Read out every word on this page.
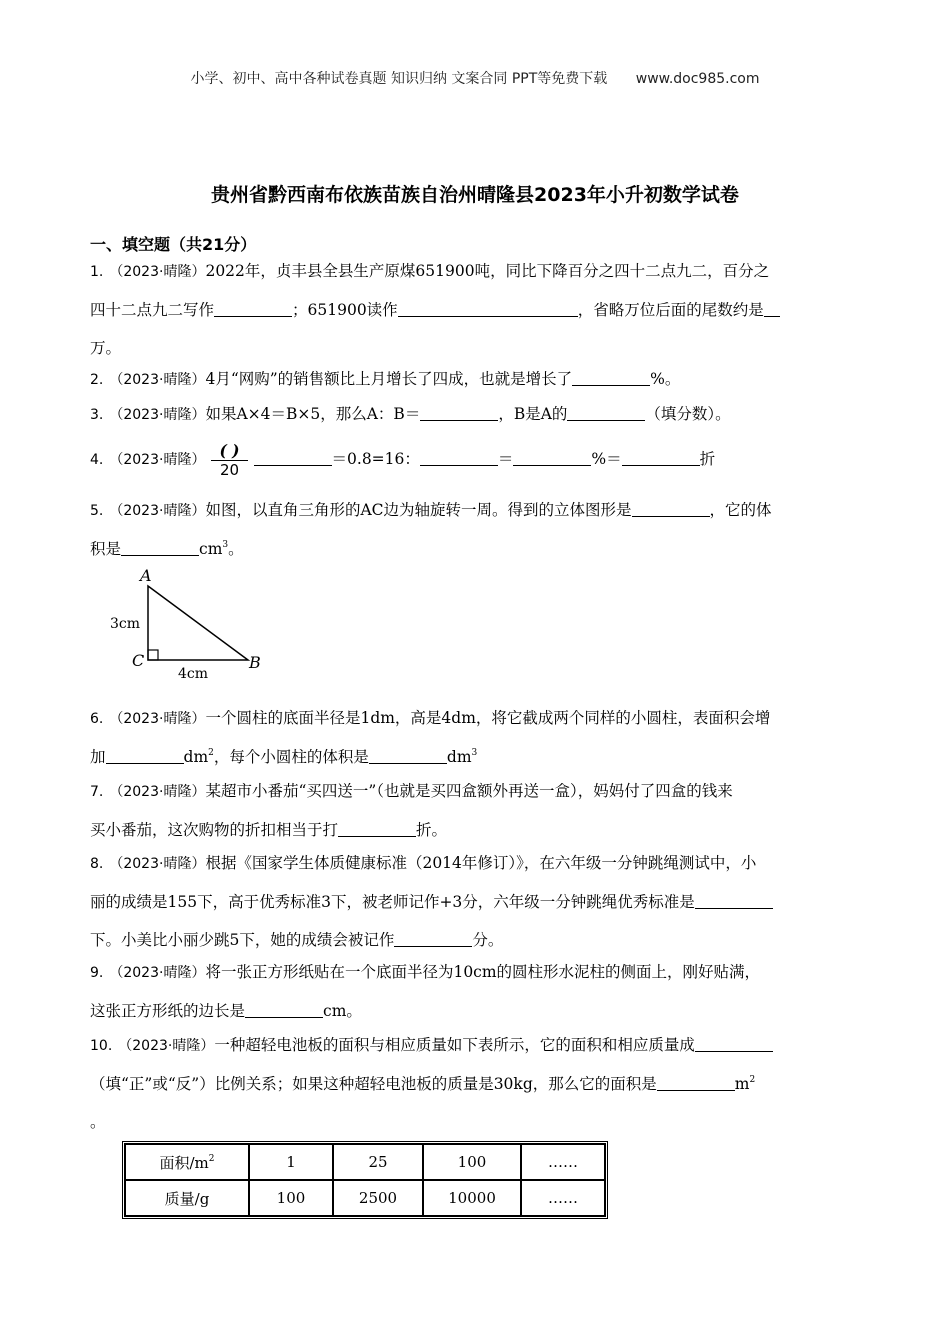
小学、初中、高中各种试卷真题 知识归纳 文案合同 PPT等免费下载 www.doc985.com
贵州省黔西南布依族苗族自治州晴隆县2023年小升初数学试卷
一、填空题（共21分）
1. （2023·晴隆）2022年，贞丰县全县生产原煤651900吨，同比下降百分之四十二点九二，百分之
四十二点九二写作	；651900读作	，省略万位后面的尾数约是
万。
2. （2023·晴隆）4月“网购”的销售额比上月增长了四成，也就是增长了	%。
3. （2023·晴隆）如果A×4＝B×5，那么A：B＝	，B是A的	（填分数）。
4. （2023·晴隆） $\frac{( )}{20}$	＝0.8=16：	＝	%＝	折
5. （2023·晴隆）如图，以直角三角形的AC边为轴旋转一周。得到的立体图形是	，它的体
积是	$cm^3$。
A
C	B
3cm
4cm
6. （2023·晴隆）一个圆柱的底面半径是1dm，高是4dm，将它截成两个同样的小圆柱，表面积会增
加	$dm^2$，每个小圆柱的体积是	$dm^3$
7. （2023·晴隆）某超市小番茄“买四送一”（也就是买四盒额外再送一盒），妈妈付了四盒的钱来
买小番茄，这次购物的折扣相当于打	折。
8. （2023·晴隆）根据《国家学生体质健康标准（2014年修订）》，在六年级一分钟跳绳测试中，小
丽的成绩是155下，高于优秀标准3下，被老师记作+3分，六年级一分钟跳绳优秀标准是
下。小美比小丽少跳5下，她的成绩会被记作	分。
9. （2023·晴隆）将一张正方形纸贴在一个底面半径为10cm的圆柱形水泥柱的侧面上，刚好贴满，
这张正方形纸的边长是	cm。
10. （2023·晴隆）一种超轻电池板的面积与相应质量如下表所示，它的面积和相应质量成
（填“正”或“反”）比例关系；如果这种超轻电池板的质量是30kg，那么它的面积是	$m^2$
。
面积$/m^2$	1	25	100	……
质量/g	100	2500	10000	……
